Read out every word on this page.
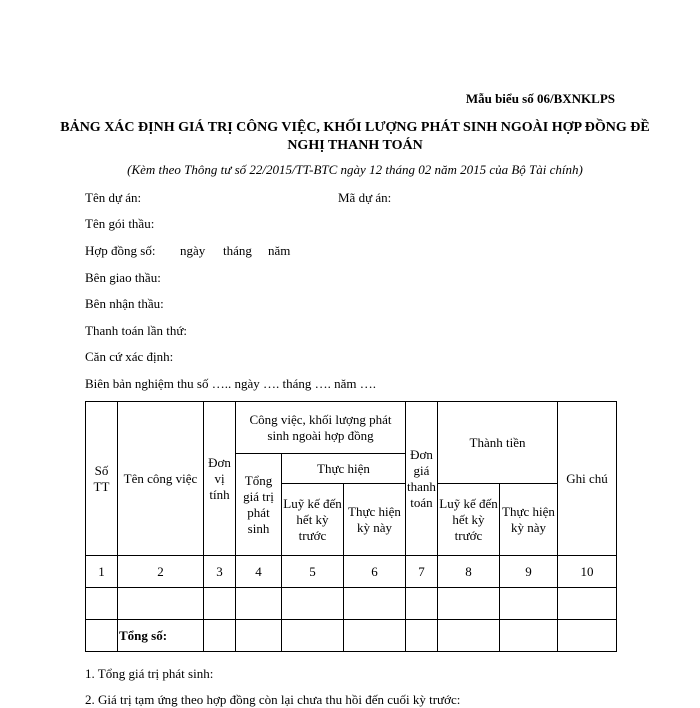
Mẫu biểu số 06/BXNKLPS
BẢNG XÁC ĐỊNH GIÁ TRỊ CÔNG VIỆC, KHỐI LƯỢNG PHÁT SINH NGOÀI HỢP ĐỒNG ĐỀ NGHỊ THANH TOÁN
(Kèm theo Thông tư số 22/2015/TT-BTC ngày 12 tháng 02 năm 2015 của Bộ Tài chính)
Tên dự án:	Mã dự án:
Tên gói thầu:
Hợp đồng số: ngày tháng năm
Bên giao thầu:
Bên nhận thầu:
Thanh toán lần thứ:
Căn cứ xác định:
Biên bản nghiệm thu số ….. ngày …. tháng …. năm ….
Số TT	Tên công việc	Đơn vị tính	Công việc, khối lượng phát sinh ngoài hợp đồng			Đơn giá thanh toán	Thành tiền		Ghi chú
			Tổng giá trị phát sinh	Thực hiện					
				Luỹ kế đến hết kỳ trước	Thực hiện kỳ này		Luỹ kế đến hết kỳ trước	Thực hiện kỳ này	
1	2	3	4	5	6	7	8	9	10

	Tổng số:								
1. Tổng giá trị phát sinh:
2. Giá trị tạm ứng theo hợp đồng còn lại chưa thu hồi đến cuối kỳ trước:
